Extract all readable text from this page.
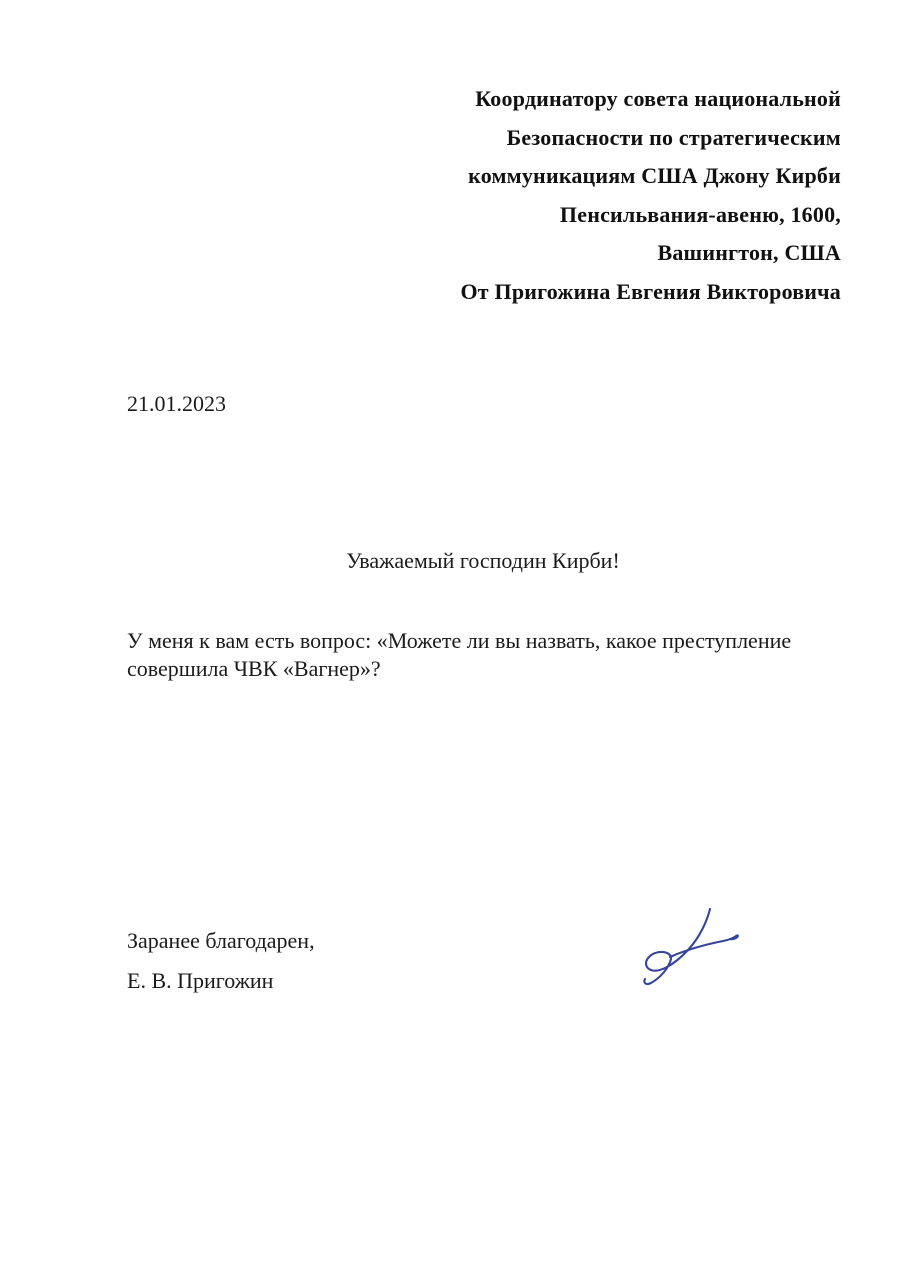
Координатору совета национальной
Безопасности по стратегическим
коммуникациям США Джону Кирби
Пенсильвания-авеню, 1600,
Вашингтон, США
От Пригожина Евгения Викторовича
21.01.2023
Уважаемый господин Кирби!
У меня к вам есть вопрос: «Можете ли вы назвать, какое преступление
совершила ЧВК «Вагнер»?
Заранее благодарен,
Е. В. Пригожин
